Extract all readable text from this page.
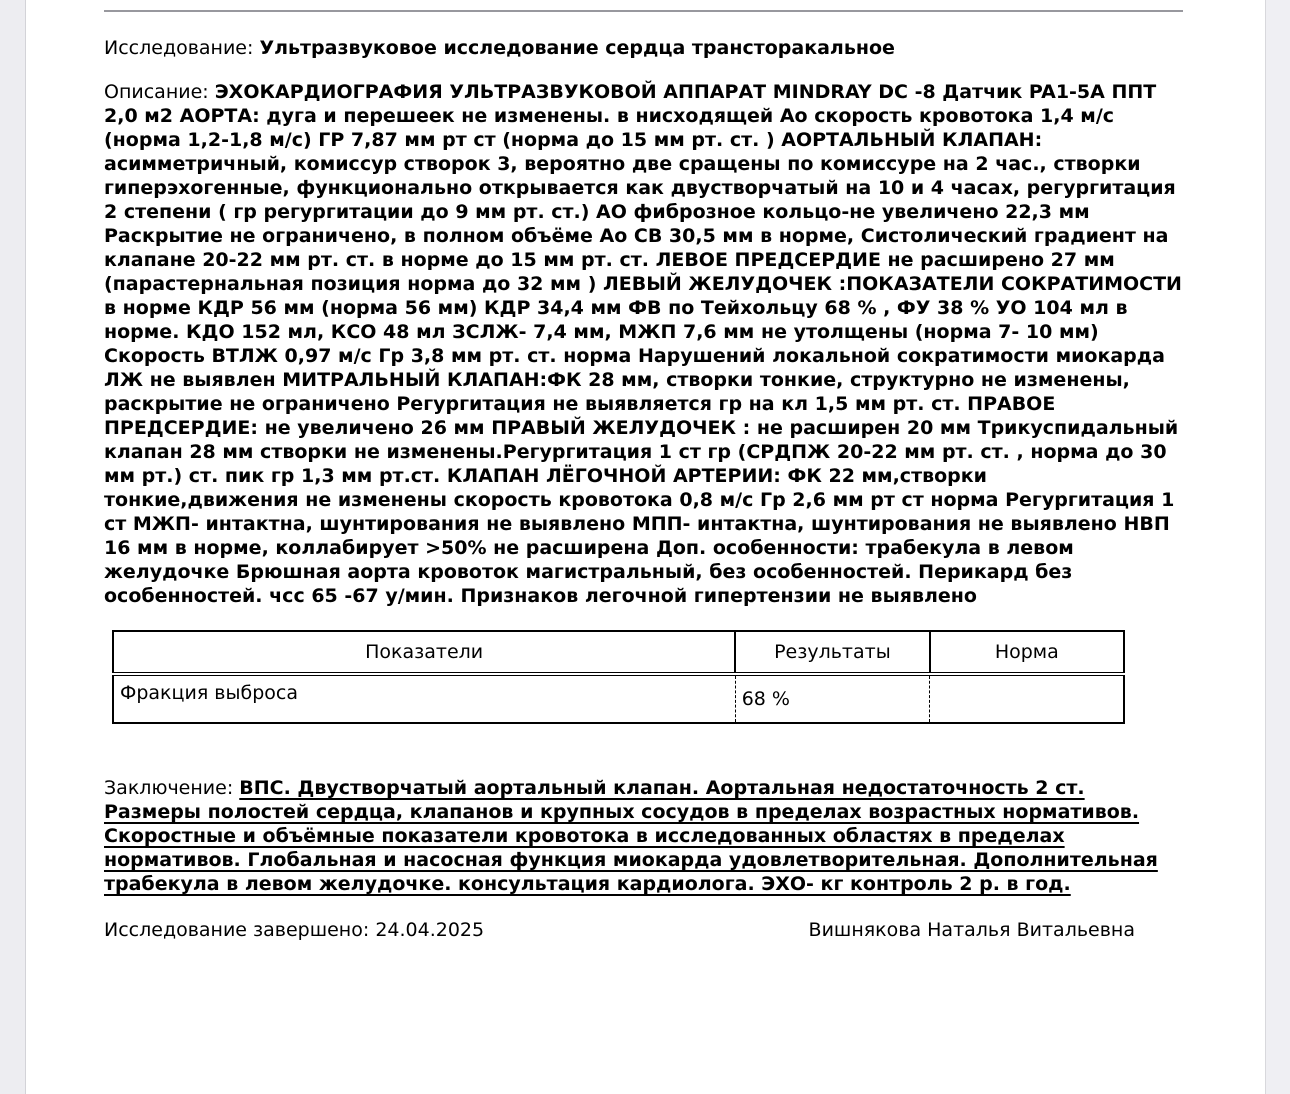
Исследование: Ультразвуковое исследование сердца трансторакальное

Описание: ЭХОКАРДИОГРАФИЯ УЛЬТРАЗВУКОВОЙ АППАРАТ MINDRAY DC -8 Датчик PA1-5A ППТ 2,0 м2 АОРТА: дуга и перешеек не изменены. в нисходящей Ао скорость кровотока 1,4 м/с (норма 1,2-1,8 м/с) ГР 7,87 мм рт ст (норма до 15 мм рт. ст. ) АОРТАЛЬНЫЙ КЛАПАН: асимметричный, комиссур створок 3, вероятно две сращены по комиссуре на 2 час., створки гиперэхогенные, функционально открывается как двустворчатый на 10 и 4 часах, регургитация 2 степени ( гр регургитации до 9 мм рт. ст.) АО фиброзное кольцо-не увеличено 22,3 мм Раскрытие не ограничено, в полном объёме Ао СВ 30,5 мм в норме, Систолический градиент на клапане 20-22 мм рт. ст. в норме до 15 мм рт. ст. ЛЕВОЕ ПРЕДСЕРДИЕ не расширено 27 мм (парастернальная позиция норма до 32 мм ) ЛЕВЫЙ ЖЕЛУДОЧЕК :ПОКАЗАТЕЛИ СОКРАТИМОСТИ в норме КДР 56 мм (норма 56 мм) КДР 34,4 мм ФВ по Тейхольцу 68 % , ФУ 38 % УО 104 мл в норме. КДО 152 мл, КСО 48 мл ЗСЛЖ- 7,4 мм, МЖП 7,6 мм не утолщены (норма 7- 10 мм) Скорость ВТЛЖ 0,97 м/с Гр 3,8 мм рт. ст. норма Нарушений локальной сократимости миокарда ЛЖ не выявлен МИТРАЛЬНЫЙ КЛАПАН:ФК 28 мм, створки тонкие, структурно не изменены, раскрытие не ограничено Регургитация не выявляется гр на кл 1,5 мм рт. ст. ПРАВОЕ ПРЕДСЕРДИЕ: не увеличено 26 мм ПРАВЫЙ ЖЕЛУДОЧЕК : не расширен 20 мм Трикуспидальный клапан 28 мм створки не изменены.Регургитация 1 ст гр (СРДПЖ 20-22 мм рт. ст. , норма до 30 мм рт.) ст. пик гр 1,3 мм рт.ст. КЛАПАН ЛЁГОЧНОЙ АРТЕРИИ: ФК 22 мм,створки тонкие,движения не изменены скорость кровотока 0,8 м/с Гр 2,6 мм рт ст норма Регургитация 1 ст МЖП- интактна, шунтирования не выявлено МПП- интактна, шунтирования не выявлено НВП 16 мм в норме, коллабирует >50% не расширена Доп. особенности: трабекула в левом желудочке Брюшная аорта кровоток магистральный, без особенностей. Перикард без особенностей. чсс 65 -67 у/мин. Признаков легочной гипертензии не выявлено

Показатели	Результаты	Норма
Фракция выброса	68 %	

Заключение: ВПС. Двустворчатый аортальный клапан. Аортальная недостаточность 2 ст. Размеры полостей сердца, клапанов и крупных сосудов в пределах возрастных нормативов. Скоростные и объёмные показатели кровотока в исследованных областях в пределах нормативов. Глобальная и насосная функция миокарда удовлетворительная. Дополнительная трабекула в левом желудочке. консультация кардиолога. ЭХО- кг контроль 2 р. в год.

Исследование завершено: 24.04.2025	Вишнякова Наталья Витальевна
